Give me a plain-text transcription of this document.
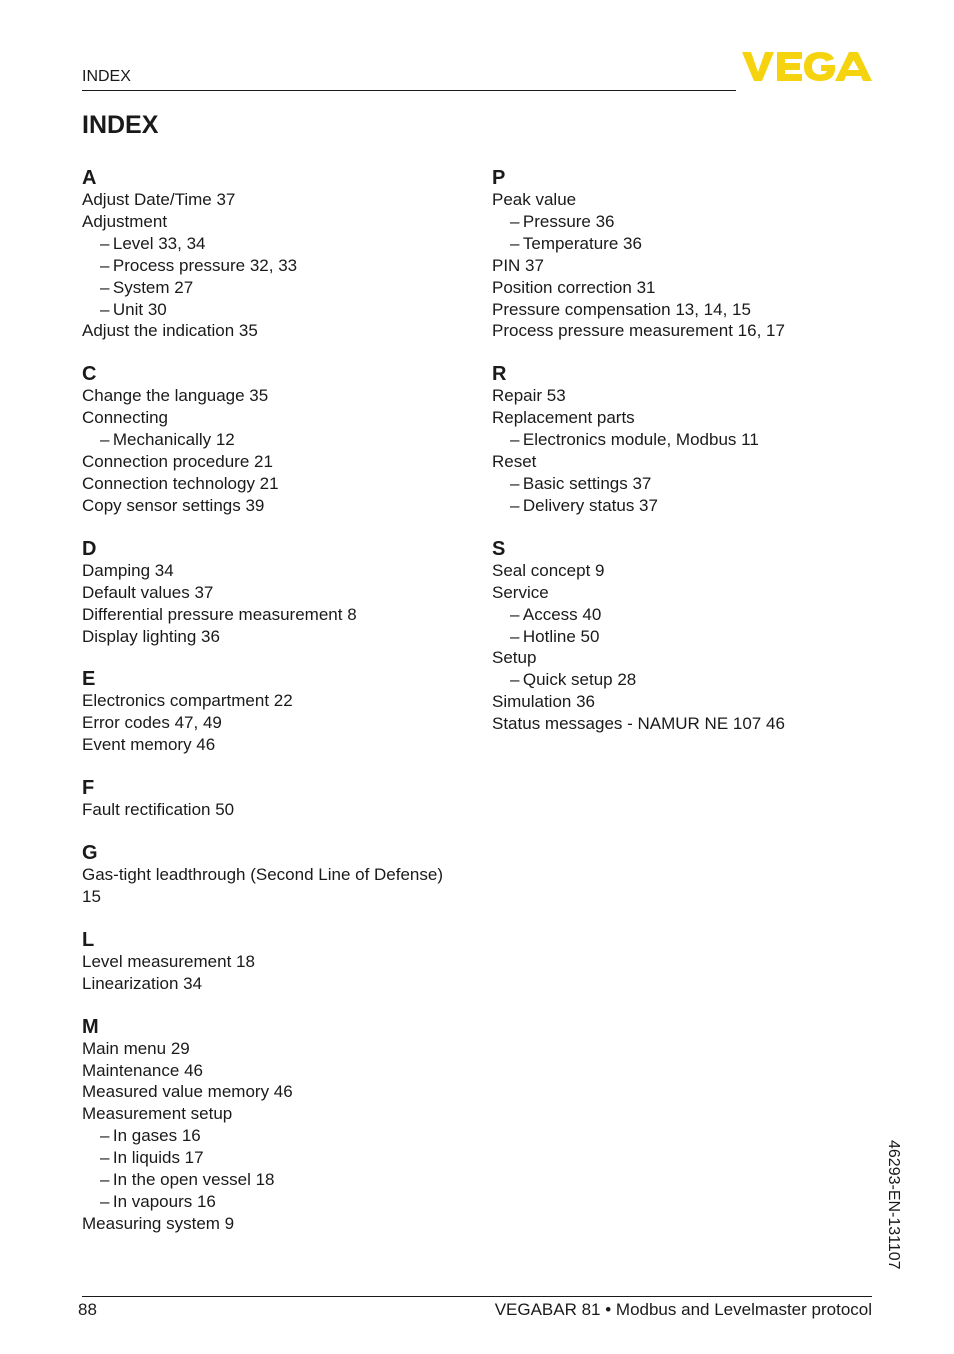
INDEX
INDEX
A
Adjust Date/Time 37
Adjustment
– Level 33, 34
– Process pressure 32, 33
– System 27
– Unit 30
Adjust the indication 35
C
Change the language 35
Connecting
– Mechanically 12
Connection procedure 21
Connection technology 21
Copy sensor settings 39
D
Damping 34
Default values 37
Differential pressure measurement 8
Display lighting 36
E
Electronics compartment 22
Error codes 47, 49
Event memory 46
F
Fault rectification 50
G
Gas-tight leadthrough (Second Line of Defense)
15
L
Level measurement 18
Linearization 34
M
Main menu 29
Maintenance 46
Measured value memory 46
Measurement setup
– In gases 16
– In liquids 17
– In the open vessel 18
– In vapours 16
Measuring system 9
P
Peak value
– Pressure 36
– Temperature 36
PIN 37
Position correction 31
Pressure compensation 13, 14, 15
Process pressure measurement 16, 17
R
Repair 53
Replacement parts
– Electronics module, Modbus 11
Reset
– Basic settings 37
– Delivery status 37
S
Seal concept 9
Service
– Access 40
– Hotline 50
Setup
– Quick setup 28
Simulation 36
Status messages - NAMUR NE 107 46
88	VEGABAR 81 • Modbus and Levelmaster protocol
46293-EN-131107
